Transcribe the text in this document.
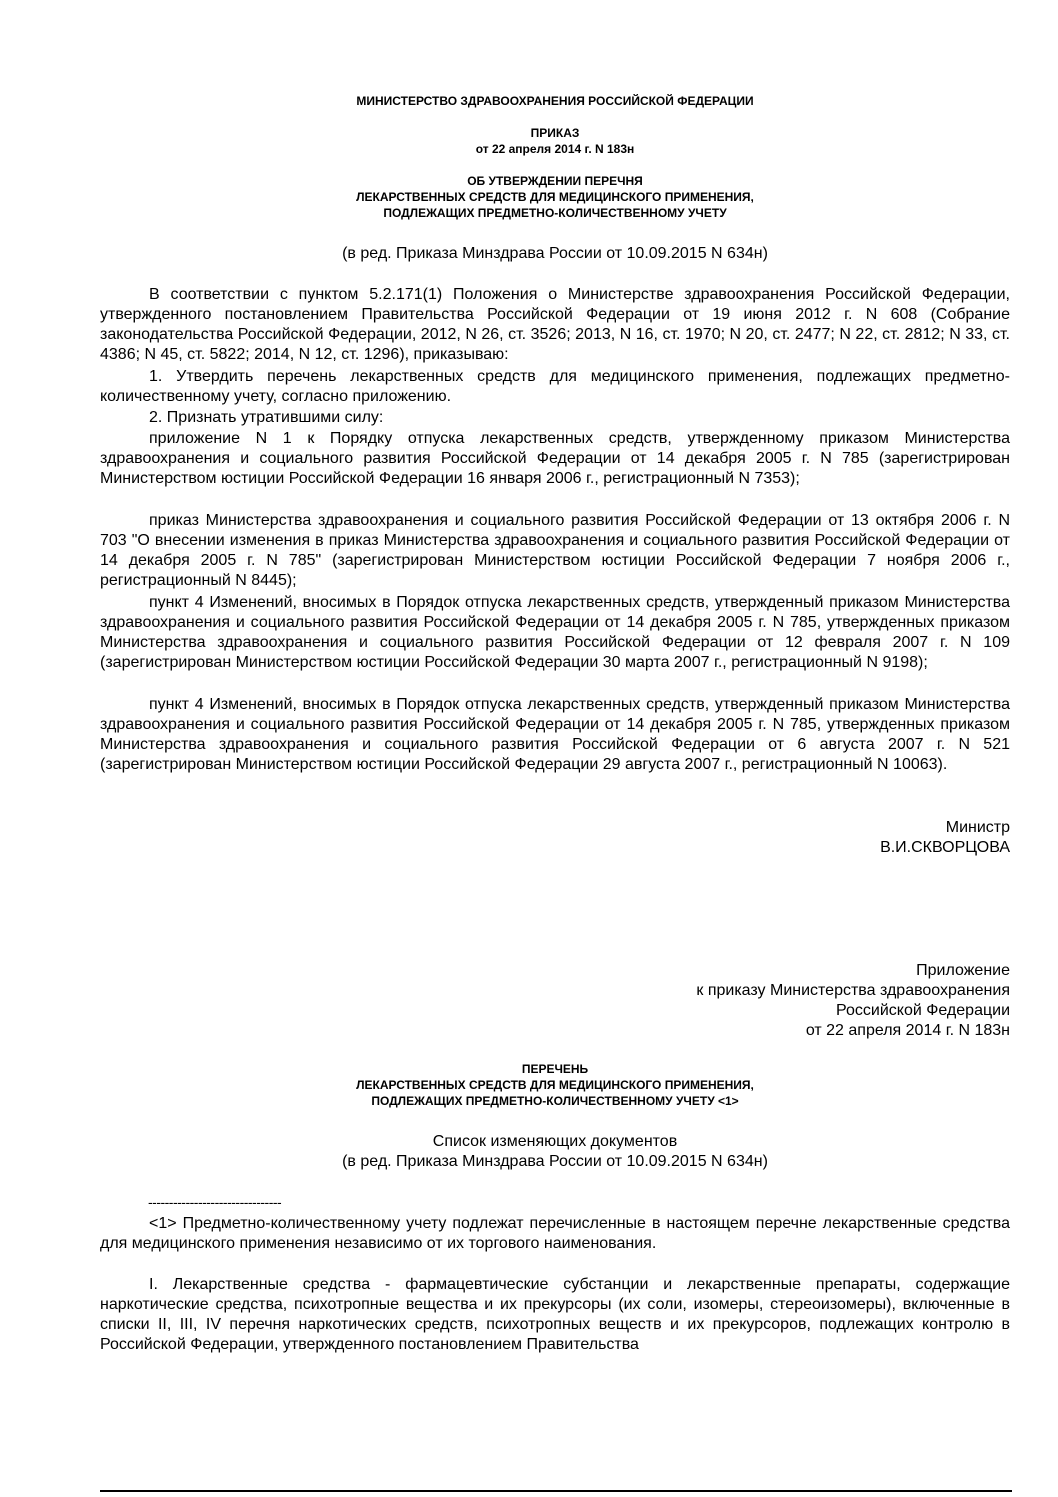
МИНИСТЕРСТВО ЗДРАВООХРАНЕНИЯ РОССИЙСКОЙ ФЕДЕРАЦИИ
ПРИКАЗ
от 22 апреля 2014 г. N 183н
ОБ УТВЕРЖДЕНИИ ПЕРЕЧНЯ
ЛЕКАРСТВЕННЫХ СРЕДСТВ ДЛЯ МЕДИЦИНСКОГО ПРИМЕНЕНИЯ,
ПОДЛЕЖАЩИХ ПРЕДМЕТНО-КОЛИЧЕСТВЕННОМУ УЧЕТУ
(в ред. Приказа Минздрава России от 10.09.2015 N 634н)

В соответствии с пунктом 5.2.171(1) Положения о Министерстве здравоохранения Российской Федерации, утвержденного постановлением Правительства Российской Федерации от 19 июня 2012 г. N 608 (Собрание законодательства Российской Федерации, 2012, N 26, ст. 3526; 2013, N 16, ст. 1970; N 20, ст. 2477; N 22, ст. 2812; N 33, ст. 4386; N 45, ст. 5822; 2014, N 12, ст. 1296), приказываю:

1. Утвердить перечень лекарственных средств для медицинского применения, подлежащих предметно-количественному учету, согласно приложению.

2. Признать утратившими силу:

приложение N 1 к Порядку отпуска лекарственных средств, утвержденному приказом Министерства здравоохранения и социального развития Российской Федерации от 14 декабря 2005 г. N 785 (зарегистрирован Министерством юстиции Российской Федерации 16 января 2006 г., регистрационный N 7353);

приказ Министерства здравоохранения и социального развития Российской Федерации от 13 октября 2006 г. N 703 "О внесении изменения в приказ Министерства здравоохранения и социального развития Российской Федерации от 14 декабря 2005 г. N 785" (зарегистрирован Министерством юстиции Российской Федерации 7 ноября 2006 г., регистрационный N 8445);

пункт 4 Изменений, вносимых в Порядок отпуска лекарственных средств, утвержденный приказом Министерства здравоохранения и социального развития Российской Федерации от 14 декабря 2005 г. N 785, утвержденных приказом Министерства здравоохранения и социального развития Российской Федерации от 12 февраля 2007 г. N 109 (зарегистрирован Министерством юстиции Российской Федерации 30 марта 2007 г., регистрационный N 9198);

пункт 4 Изменений, вносимых в Порядок отпуска лекарственных средств, утвержденный приказом Министерства здравоохранения и социального развития Российской Федерации от 14 декабря 2005 г. N 785, утвержденных приказом Министерства здравоохранения и социального развития Российской Федерации от 6 августа 2007 г. N 521 (зарегистрирован Министерством юстиции Российской Федерации 29 августа 2007 г., регистрационный N 10063).

Министр
В.И.СКВОРЦОВА
Приложение
к приказу Министерства здравоохранения
Российской Федерации
от 22 апреля 2014 г. N 183н
ПЕРЕЧЕНЬ
ЛЕКАРСТВЕННЫХ СРЕДСТВ ДЛЯ МЕДИЦИНСКОГО ПРИМЕНЕНИЯ,
ПОДЛЕЖАЩИХ ПРЕДМЕТНО-КОЛИЧЕСТВЕННОМУ УЧЕТУ <1>
Список изменяющих документов
(в ред. Приказа Минздрава России от 10.09.2015 N 634н)
--------------------------------

<1> Предметно-количественному учету подлежат перечисленные в настоящем перечне лекарственные средства для медицинского применения независимо от их торгового наименования.

I. Лекарственные средства - фармацевтические субстанции и лекарственные препараты, содержащие наркотические средства, психотропные вещества и их прекурсоры (их соли, изомеры, стереоизомеры), включенные в списки II, III, IV перечня наркотических средств, психотропных веществ и их прекурсоров, подлежащих контролю в Российской Федерации, утвержденного постановлением Правительства
